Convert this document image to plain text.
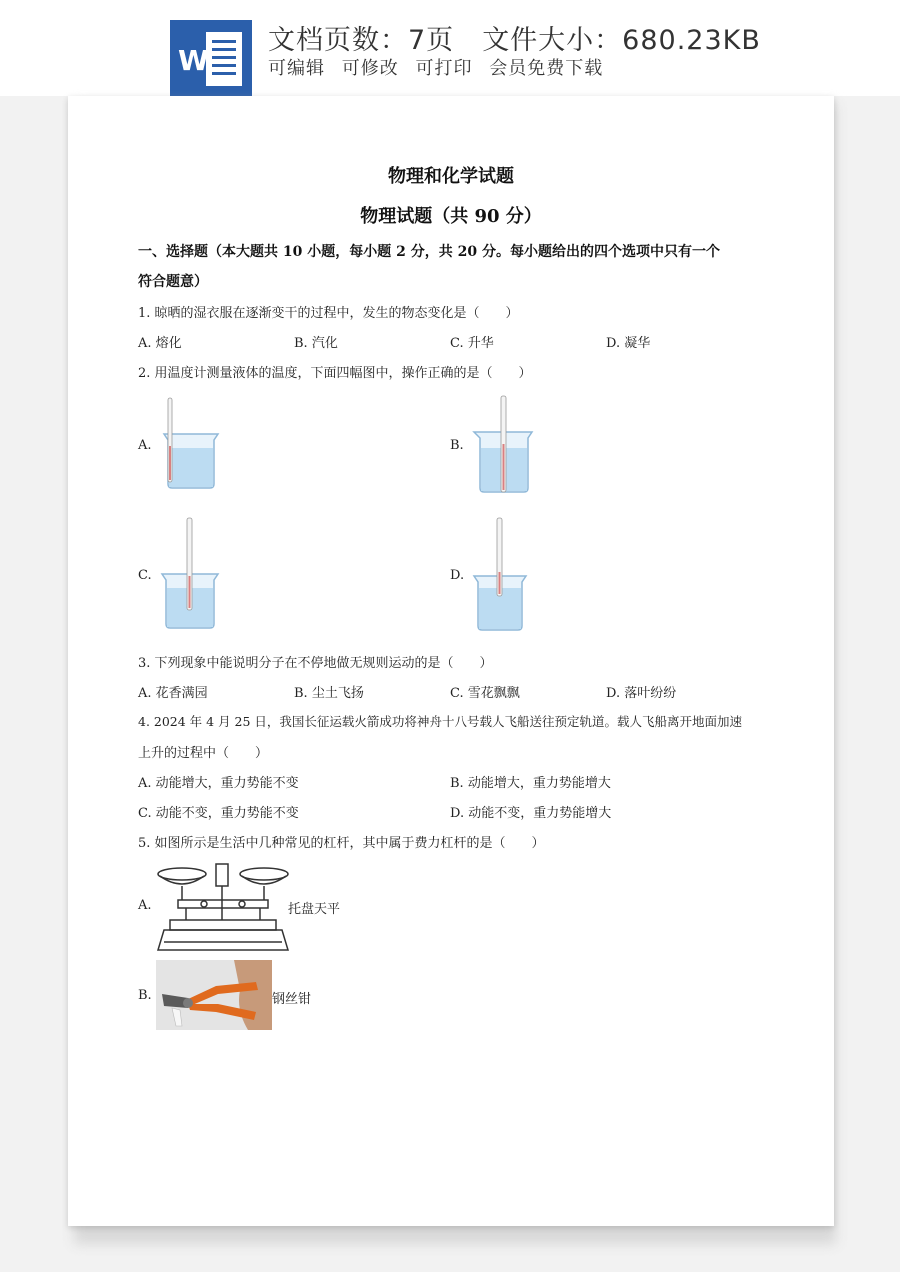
W
文档页数：7页 文件大小：680.23KB
可编辑 可修改 可打印 会员免费下载
物理和化学试题
物理试题（共 90 分）
一、选择题（本大题共 10 小题，每小题 2 分，共 20 分。每小题给出的四个选项中只有一个
符合题意）
1. 晾晒的湿衣服在逐渐变干的过程中，发生的物态变化是（　　）
A. 熔化	B. 汽化	C. 升华	D. 凝华
2. 用温度计测量液体的温度，下面四幅图中，操作正确的是（　　）
A.	B.
C.	D.
3. 下列现象中能说明分子在不停地做无规则运动的是（　　）
A. 花香满园	B. 尘土飞扬	C. 雪花飘飘	D. 落叶纷纷
4. 2024 年 4 月 25 日，我国长征运载火箭成功将神舟十八号载人飞船送往预定轨道。载人飞船离开地面加速
上升的过程中（　　）
A. 动能增大，重力势能不变	B. 动能增大，重力势能增大
C. 动能不变，重力势能不变	D. 动能不变，重力势能增大
5. 如图所示是生活中几种常见的杠杆，其中属于费力杠杆的是（　　）
A.	托盘天平
B.	钢丝钳
